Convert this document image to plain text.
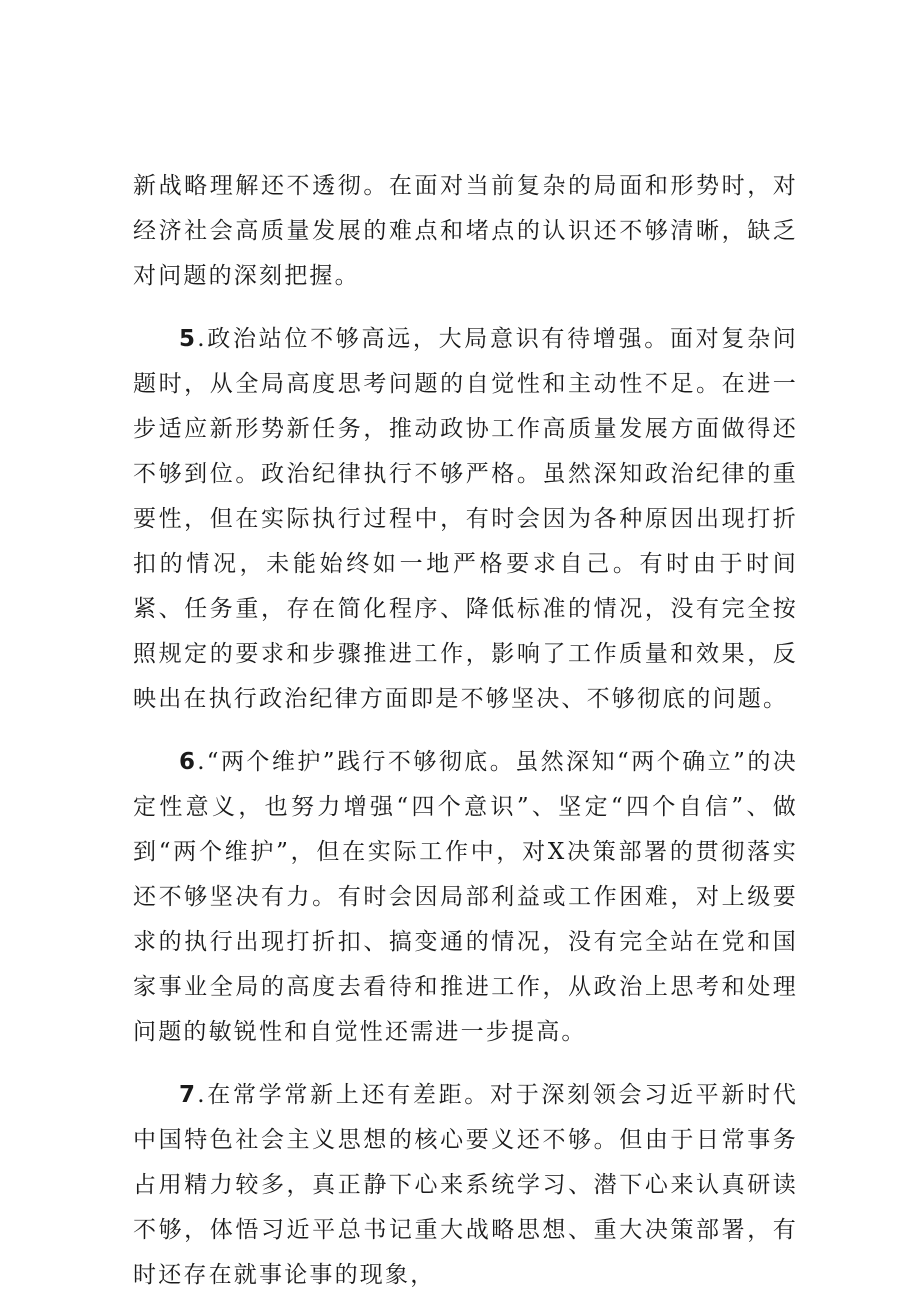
新战略理解还不透彻。在面对当前复杂的局面和形势时，对经济社会高质量发展的难点和堵点的认识还不够清晰，缺乏对问题的深刻把握。

5.政治站位不够高远，大局意识有待增强。面对复杂问题时，从全局高度思考问题的自觉性和主动性不足。在进一步适应新形势新任务，推动政协工作高质量发展方面做得还不够到位。政治纪律执行不够严格。虽然深知政治纪律的重要性，但在实际执行过程中，有时会因为各种原因出现打折扣的情况，未能始终如一地严格要求自己。有时由于时间紧、任务重，存在简化程序、降低标准的情况，没有完全按照规定的要求和步骤推进工作，影响了工作质量和效果，反映出在执行政治纪律方面即是不够坚决、不够彻底的问题。

6.“两个维护”践行不够彻底。虽然深知“两个确立”的决定性意义，也努力增强“四个意识”、坚定“四个自信”、做到“两个维护”，但在实际工作中，对X决策部署的贯彻落实还不够坚决有力。有时会因局部利益或工作困难，对上级要求的执行出现打折扣、搞变通的情况，没有完全站在党和国家事业全局的高度去看待和推进工作，从政治上思考和处理问题的敏锐性和自觉性还需进一步提高。

7.在常学常新上还有差距。对于深刻领会习近平新时代中国特色社会主义思想的核心要义还不够。但由于日常事务占用精力较多，真正静下心来系统学习、潜下心来认真研读不够，体悟习近平总书记重大战略思想、重大决策部署，有时还存在就事论事的现象，
